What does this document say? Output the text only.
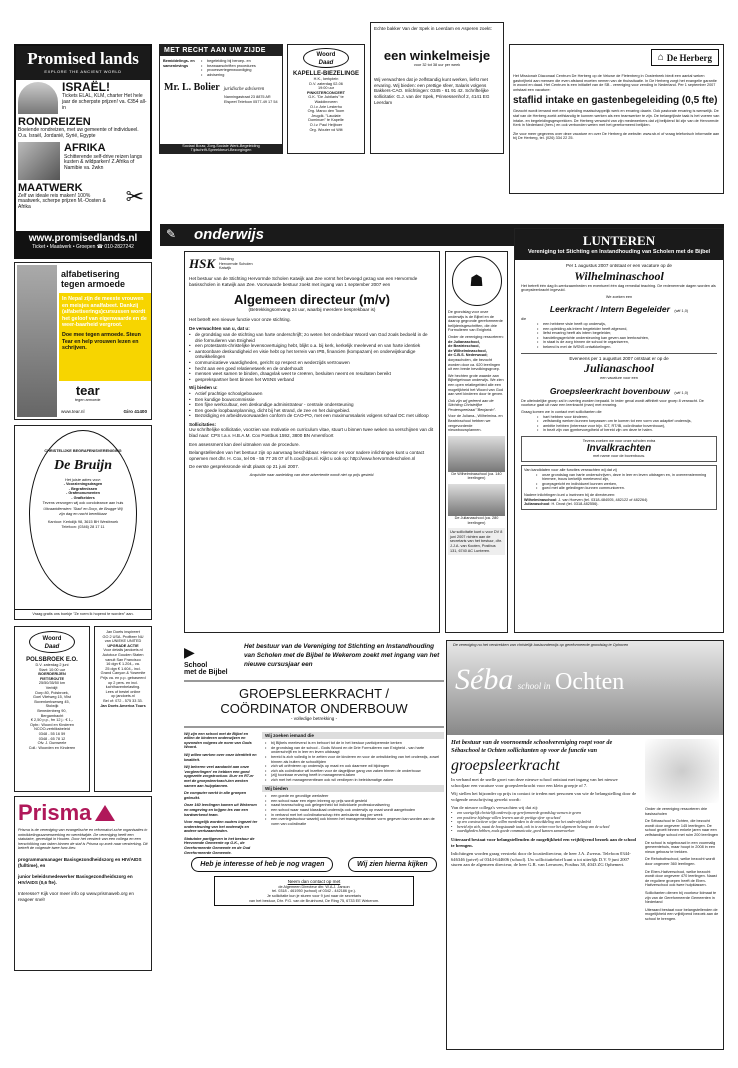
Promised lands
EXPLORE THE ANCIENT WORLD
ISRAËL!
Tickets ELAL, KLM, charter Het hele jaar de scherpste prijzen! va. €354 all-in
RONDREIZEN
Boeiende rondreizen, met uw gemeente of individueel. O.a. Israël, Jordanië, Syrië, Egypte
AFRIKA
Schitterende self-drive reizen langs kusten & wildparken! Z.Afrika of Namibie va. 2wkn
MAATWERK
Zelf uw ideale reis maken! 100% maatwerk, scherpe prijzen M.-Oosten & Afrika	✂
www.promisedlands.nl
Ticket • Maatwerk • Groepen ☎ 010-2827242
MET RECHT AAN UW ZIJDE
Bemiddelings- en samenlevings
• begeleiding bij beroep- en
• bezwaarschriften procedures
• procesvertegenwoordiging
• advisering
Mr. L. Bolier juridische adviseren
Nanningastraat 23 8875 AR Elspeet Telefoon 0577-49 17 54
Sociaal Bouw, Zorg-Sociale Werk-Begeleiding
Tijdschrift-Spreekbeurt-Bezorgingen
Woord
Daad
KAPELLE-BIEZELINGE
H.K., kerkplein
D.V. zaterdag 02-06
19:00 uur
PINKSTERCONCERT
G.K. "De Jubilaris" te
Waddinxveen
O.l.v. Arie Lesterho
Org. Marco den Toom
Jeugdk. "Laudate
Dominum" te Kapelle
O.l.v. Paul Heijboer
Org. Wouter vd Wilt
Echte bakker Van der Spek in Leerdam en Asperen zoekt:
een winkelmeisje
voor 32 tot 38 uur per week
Wij verwachten dat je zelfstandig kunt werken, liefst met ervaring. Wij bieden: een prettige sfeer, Salaris volgens Bakkers-CAO. Inlichtingen: 0345 - 61 91 42. Schriftelijke sollicitatie: G.J. van der Spek, Prinsessenhof 2, 4141 EG Leerdam
⌂ De Herberg
Het Missionair Diaconaal Centrum De Herberg op de Veluwe de Fletenberg in Oosterbeek biedt een aantal weken gastvrijheid aan mensen die even afstand moeten nemen van de thuissituatie. In De Herberg zorgt het evangelie garantie in woord en daad. Het Centrum is een initiatief van de SB - vereniging voor zending in Nederland. Per 1 september 2007 ontstaat een vacature:
staflid intake en gastenbegeleiding (0,5 fte)
Gezocht wordt iemand met een opleiding maatschappelijk werk en ervaring daarin. Ook pastorale ervaring is wenselijk. De staf van de Herberg zoekt zelfstandig te kunnen werken als een teamwerker te zijn. De belangrijkste taak is het voeren van intake- en begeleidingsgesprekken. De Herberg verwacht van zijn medewerkers dat zij belijdend lid zijn van de Hervormde Kerk in Nederland (herv.) en ook verbonden weten met het gereformeerd belijden.
Zie voor meer gegevens over deze vacature en over De Herberg de website: www.sb.nl of vraag telefonisch informatie aan bij De Herberg, tel. (026) 334 22 25.
✎ onderwijs
alfabetisering
tegen armoede
In Nepal zijn de meeste vrouwen en meisjes analfabeet. Dankzij (alfabetiserings)cursussen wordt het geloof van eigenwaarde en de weer-baarheid vergroot.
Doe mee tegen armoede. Steun Tear en help vrouwen lezen en schrijven.
tear
tegen armoede
www.tear.nl	Giro 41400
CHRISTELIJKE BEGRAFENISVERENIGING
De Bruijn
Het juiste adres voor:
- Voorzieningsdragen
- Begrafenissen
- Grafmonumenten
- Grafkelders
Tevens verzorgen wij ook condoleance aan huis
Uitvaartdiensten: 'Stad' en Dorp, de Brugge Wij zijn dag en nacht bereikbaar
Kantoor: Kerkdijk 98, 3615 BH Westbroek Telefoon: (0346) 28 17 11
Vraag gratis ons boekje "Ze roem ik hopend te worden" aan.
Woord
Daad
POLSBROEK E.O.
D.V. zaterdag 2 juni
Start: 10:00 uur
BOERDERIJEN
FIETSROUTE
25/50/35/50 km
Verblijf:
Dorp 80, Polsbroek,
Goel Vlietweg 15, Vlist
Bovenkerkseweg 45,
Stolwijk
Benedenberg 90,
Bergambacht
€ 2,50 p.p., fm 12 j.: € 1,-
Opbr.: Woord en Kinderen
NCOO-verbliksbeleid
0348 - 55 16 59
0348 - 65 78 12
Ofv. J. Dunweele
Coll.: Woorden en Kinderen
Jan Doets inspireert
GO 2 USA. Profiteer NU
van UNIEKE UNITED
UPGRADE ACTIE
Voor details jandoets.nl
Autotour Gouden Staten
vanuit San Francisco
16 dgn € 1.204,- va.
25 dgn € 1.604,- incl.
Grand Canyon & Yosemite
Prijs va. en p.p. gebaseerd
op 2 pers. en incl.
luchthavenbelasting.
Lees of bestel online
op jandoets.nl
Bel of: 072 - 575 33 33.
Jan Doets America Tours
Prisma
Prisma is de vereniging van evangelische en reformatori-sche organisaties in ontwikkelingssamenwerking en wereldwijde. De vereniging heeft een statutaire, gevestigd in Houten. Door het versterk van een collega en een herschikking van taken binnen de staf is Prisma op zoek naar versterking. Dit betreft de volgende twee func-ties:
programmamanager Basisgezondheidszorg en HIV/AIDS (fulltime), en
junior beleidsmedewerker Basisgezondheidszorg en HIV/AIDS (0,6 fte).
Interesse? Kijk voor meer info op www.prismaweb.org en reageer snel!
HSK Stichting
Hervormde Scholen
Katwijk
Het bestuur van de Stichting Hervormde Scholen Katwijk aan Zee vormt het bevoegd gezag van een Hervormde basisscholen in Katwijk aan Zee. Voorwaarde bestuur zoekt met ingang van 1 september 2007 een
Algemeen directeur (m/v)
(Betrekkingsomvang 24 uur, waarbij meerdere besprekbaar is)
Het betreft een nieuwe functie voor onze stichting.
De verwachten van u, dat u:
• de grondslag van de stichting van harte onderschrijft; zo weten het onderblaar Woord van God zoals bedoeld in de drie formulieren van Enigheid
• een protestants-christelijke levensovertuiging hebt, blijkt o.a. bij kerk, kerkelijk meelevend en van harte identiek
• aantoonbare deskundigheid en visie hebt op het terrein van IPB, financiën (kompazam) en onderwijskundige ontwikkelingen
• communicatieve vaardigheden, gericht op respect en wederzijds vertrouwen
• hecht aan een goed relatienetwerk en de onderhoudt
• mensen weet samen te binden, draagvlak weet te creëren, besluiten neemt en resultaten bereikt
• gesprekspartner bent binnen het WSNS verband
Wij bieden u:
• Actief prachtige schoolgebouwen
• Een kundige bouwcommissie
• Een fijne werkcultuur, een deskundige administrateur - centrale ondersteuning
• Een goede loopbaanplanning, dicht bij het strand, de zee en het duingebied.
• Bezoldiging en arbeidsvoorwaarden conform de CAO-PO, met een maximumsalaris volgens schaal DC met uitloop
Sollicitaties:
Uw schriftelijke sollicitatie, voorzien van motivatie en curriculum vitae, stuurt u binnen twee weken na verschijnen van dit blad naar: CPS t.a.v. H.B.A.M. Cox Postbus 1592, 3800 BN Amersfoort
Een assessment kan deel uitmaken van de procedure.
Belangstellenden van het bestuur zijn op aanvraag beschikbaar. Hiervoor en voor nadere inlichtingen kunt u contact opnemen met dhr. H. Cox, tel 06 - 55 77 26 07 of h.cox@cps.nl. Kijkt u ook op: http://www.hervormdescholen.nl
De eerste gespreksronde vindt plaats op 21 juni 2007.
Acquisitie naar aanleiding van deze advertentie wordt niet op prijs gesteld.
☗
De grondslag voor onze onderwijs is de Bijbel en de daarop gegronde gereformeerde belijdenisgeschriften, die drie Formulieren van Enigheid.
Onder de vereniging ressorteren:
de Julianaschool,
de Beatrixschool,
de Wilhelminaschool,
de C.B.S. Nederwoud;
dorpsscholen, die bezocht worden door ca. 620 leerlingen uit een brede bevolkingsgroep.
We hechten grote waarde aan Bijbelgetrouw onderwijs. We zien een open relatiegebied alle een mogelijkheid het Woord van God aan veel kinderen door te geven.
Ook zijn wij geleerd aan de Stichting Christelijke Peuterspeelzaal "Benjamin".
Voor de Juliana-, Wilhelmina- en Beatrixschool hebben we vergevorderde nieuwbouwplannen.
De Wilhelminaschool (ca. 140 leerlingen)
De Julianaschool (ca. 280 leerlingen)
Uw sollicitatie kunt u voor DV 8 juni 2007 richten aan de secretaris van het bestuur, dhr. J.J.A. van Kooten, Postbus 131, 6740 AC Lunteren.
LUNTEREN
Vereniging tot Stichting en Instandhouding van Scholen met de Bijbel
Per 1 augustus 2007 ontstaat er een vacature op de
Wilhelminaschool
Het betreft één dag ib-werkzaamheden en eventueel één dag remedial teaching. De redenerende dagen worden als groepsleerkracht ingevuld.
We zoeken een
Leerkracht / Intern Begeleider (wtf 1,0)
die
• een hebbere visie heeft op onderwijs,
• een opleiding als intern begeleider heeft afgerond,
• liefst ervaring heeft als intern begeleider,
• handelingsgerichte ondersteuning kan geven aan leerkrachten,
• in staat is de zorg binnen de school te organiseren,
• bekend is met de WSNS ontwikkelingen.
Eveneens per 1 augustus 2007 ontstaat er op de
Julianaschool
een vacature voor een
Groepsleerkracht bovenbouw (wtf 1,0)
De uiteindelijke groep zal in overleg worden bepaald. In ieder geval wordt affiniteit voor groep 8 verwacht. De voorkeur gaat uit naar een leerkracht (man) met ervaring.
Graag komen we in contact met sollicitanten die
• hart hebben voor kinderen,
• zelfstandig werken kunnen toepassen om te komen tot een vorm van adaptief onderwijs,
• ambitie hebben (interesse voor bijv. ICT, RT/IB, coördinator bovenbouw),
• in bezit zijn van gymbevoegdheid of bereid zijn om deze te halen.
Tevens zoeken we voor onze scholen extra
Invalkrachten
met name voor de bovenbouw.
Van kandidaten voor alle functies verwachten wij dat zij
• onze grondslag van harte onderschrijven, deze in leer en leven uitdragen en, in overeenstemming hiermee, trouw kerkelijk meelevend zijn,
• groepsgericht en individueel kunnen werken,
• goed met alle geledingen kunnen communiceren.
Nadere inlichtingen kunt u inwinnen bij de directeuren:
Wilhelminaschool: J. van Hoeven (tel. 0318-484005, 482122 of 482264)
Julianaschool: H. Drost (tel. 0318-482556).
▶
School
met de Bijbel
Het bestuur van de Vereniging tot Stichting en Instandhouding van Scholen met de Bijbel te Wekerom zoekt met ingang van het nieuwe cursusjaar een
GROEPSLEERKRACHT /
COÖRDINATOR ONDERBOUW
- volledige betrekking -
Wij zijn een school met de Bijbel en willen de kinderen onderwijzen en opvoeden volgens de norm van Gods Woord.
Wij willen werken over onze identiteit en kwaliteit.
Wij beheren veel aandacht aan onze 'zorgleerlingen' en hebben een goed opgezette zorgstructuur. Ib-er en RT-er met de groepsleerkrach-ten werken samen aan hulpplannen.
De computer werkt in alle groepen gebruikt.
Onze 160 leerlingen komen uit Wekerom en omgeving en krijgen les van een hardwerkend team.
Voor mogelijk worden ouders ingezet ter ondersteuning van het onderwijs en andere werkzaamheden.
Statutaire partijgeven in het bestuur de Hervormde Gemeente op G.K., de Gereformeerde Gemeente en de Oud Gereformeerde Gemeente.
Wij zoeken iemand die
• bij Bijbels meelevend is en behoort tot de in het bestuur participerende kerken
• de grondslag van de school - Gods Woord en de Drie Formulieren van Enigheid - van harte onderschrijft en in leer en leven uitdraagt
• bereid is zich volledig in te zetten voor de kinderen en voor de ontwikkeling van het onderwijs, zowel binnen als buiten de schooltijden
• zich wil oriënteren op onderwijs op maat en ook daarmee wil bijdragen
• zich als coördinator wil inzetten voor de dagelijkse gang van zaken binnen de onderbouw
• (zij) toonbaar ervaring heeft in management-taken
• zich met het managementteam ook wil verdiepen in beleidsmatige zaken
Wij bieden
• een goede en geordilge werksfeer
• een school waar een eigen inbreng op prijs wordt gesteld
• naast teamscholing ook gelegenheid tot individuele professionalisering
• een school waar naast klassikaal onderwijs ook onderwijs op maat wordt aangeboden
• in verband met het coördinatorschap één ambulante dag per week
• een overlegstructuur waarbij ook binnen het managementteam vorm gegeven kan worden aan de vorm van coördinatie
Heb je interesse of heb je nog vragen	Wij zien hierna kijken
Neem dan contact op met
de Algemeen Directeur dhr. W.A.J. Janson
tel. 0318 - 461950 (school) of 0342 - 442186 (pr.).
Je sollicitatie kun je sturen voor 9 juni naar de secretaris
van het bestuur, Dhr. P.G. van de Bruinhorst, De Ring 75, 6733 EE Wekerom.
De vereniging nu het verstrekken van christelijk basisonderwijs op gereformeerde grondslag te Ophoven
Séba school in Ochten
Het bestuur van de voornoemde schoolvereniging roept voor de Sébaschool te Ochten sollicitanten op voor de functie van
groepsleerkracht
In verband met de snelle groei van deze nieuwe school ontstaat met ingang van het nieuwe schooljaar een vacature voor groepsleerkracht voor een klein groepje of 7.
Wij stellen het bijzonder op prijs in contact te treden met personen van wie de belangstelling door de volgende omschrijving gewekt wordt:
Van de nieuwe collega's verwachten wij dat zij:
• een soortgelijk christelijk onderwijs op gereformeerde grondslag wensen te geven
• een positieve bijdrage willen leveren aan de prettige sfeer op school
• op een constructieve wijze willen meedenken in de ontwikkeling van het onderwijsbeleid
• bereid zijn zich, naast de hoogstaande taak, ook in te zetten voor het algemeen belang van de school
• vaardigheden hebben, zoals goede communicatie, goed kunnen samenwerken
Uiteraard bestaat voor belangstellenden de mogelijkheid een vrijblijvend bezoek aan de school te brengen.
Inlichtingen worden graag verstrekt door de locatiedirecteur, de heer J.A. Zwerus. Telefoon 0344-646346 (privé) of 0344-644606 (school). Uw sollicitatiebrief kunt u tot uiterlijk D.V. 9 juni 2007 sturen aan de algemeen directeur, de heer G.R. van Leeuwen, Postbus 38, 4043 ZG Ophemert.
Onder de vereniging ressorteren drie basisscholen
De Sébaschool te Ochten, die bezocht wordt door ongeveer 145 leerlingen. De school groeit binnen enkele jaren naar een zelfstandige school met ruim 200 leerlingen
De school is ruigebouwd in een voormalig gemeentehuis, maar hoopt in 2008 in een nieuw gebouw te trekken.
De Rehobothschool, welke bezocht wordt door ongeveer 360 leerlingen.
De Eben-Haëzerschool, welke bezocht wordt door ongeveer 470 leerlingen. Naast de reguliere groepen heeft de Eben-Haëzerschool ook twee hulpklassen.
Sollicitanten dienen bij voorkeur lidmaat te zijn van de Gereformeerde Gemeenten in Nederland
Uiteraard bestaat voor belangstellenden de mogelijkheid een vrijblijvend bezoek aan de school te brengen.
